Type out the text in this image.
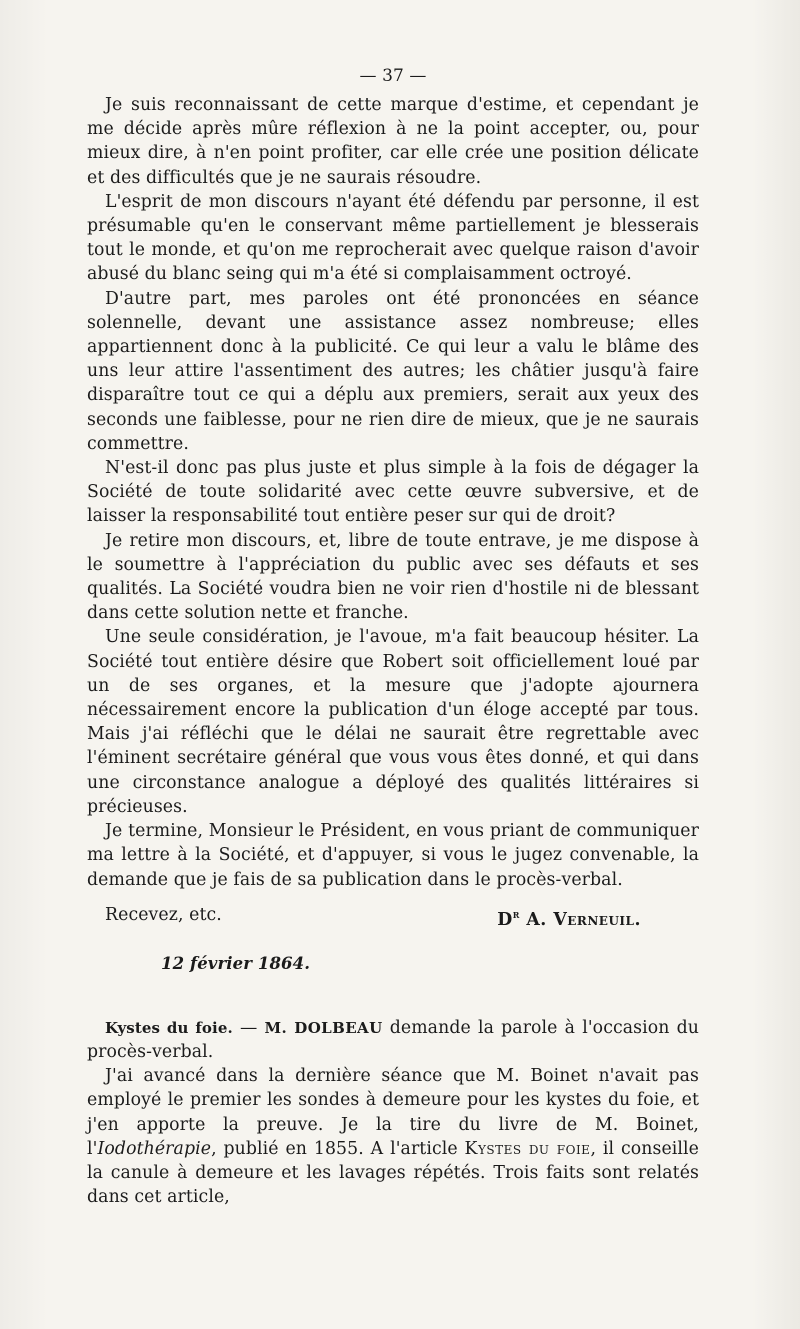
— 37 —

Je suis reconnaissant de cette marque d'estime, et cependant je me décide après mûre réflexion à ne la point accepter, ou, pour mieux dire, à n'en point profiter, car elle crée une position délicate et des difficultés que je ne saurais résoudre.

L'esprit de mon discours n'ayant été défendu par personne, il est présumable qu'en le conservant même partiellement je blesserais tout le monde, et qu'on me reprocherait avec quelque raison d'avoir abusé du blanc seing qui m'a été si complaisamment octroyé.

D'autre part, mes paroles ont été prononcées en séance solennelle, devant une assistance assez nombreuse; elles appartiennent donc à la publicité. Ce qui leur a valu le blâme des uns leur attire l'assentiment des autres; les châtier jusqu'à faire disparaître tout ce qui a déplu aux premiers, serait aux yeux des seconds une faiblesse, pour ne rien dire de mieux, que je ne saurais commettre.

N'est-il donc pas plus juste et plus simple à la fois de dégager la Société de toute solidarité avec cette œuvre subversive, et de laisser la responsabilité tout entière peser sur qui de droit?

Je retire mon discours, et, libre de toute entrave, je me dispose à le soumettre à l'appréciation du public avec ses défauts et ses qualités. La Société voudra bien ne voir rien d'hostile ni de blessant dans cette solution nette et franche.

Une seule considération, je l'avoue, m'a fait beaucoup hésiter. La Société tout entière désire que Robert soit officiellement loué par un de ses organes, et la mesure que j'adopte ajournera nécessairement encore la publication d'un éloge accepté par tous. Mais j'ai réfléchi que le délai ne saurait être regrettable avec l'éminent secrétaire général que vous vous êtes donné, et qui dans une circonstance analogue a déployé des qualités littéraires si précieuses.

Je termine, Monsieur le Président, en vous priant de communiquer ma lettre à la Société, et d'appuyer, si vous le jugez convenable, la demande que je fais de sa publication dans le procès-verbal.

Recevez, etc.	$D^r$ A. Verneuil.
12 février 1864.

Kystes du foie. — M. DOLBEAU demande la parole à l'occasion du procès-verbal.

J'ai avancé dans la dernière séance que M. Boinet n'avait pas employé le premier les sondes à demeure pour les kystes du foie, et j'en apporte la preuve. Je la tire du livre de M. Boinet, l'Iodothérapie, publié en 1855. A l'article Kystes du foie, il conseille la canule à demeure et les lavages répétés. Trois faits sont relatés dans cet article,
